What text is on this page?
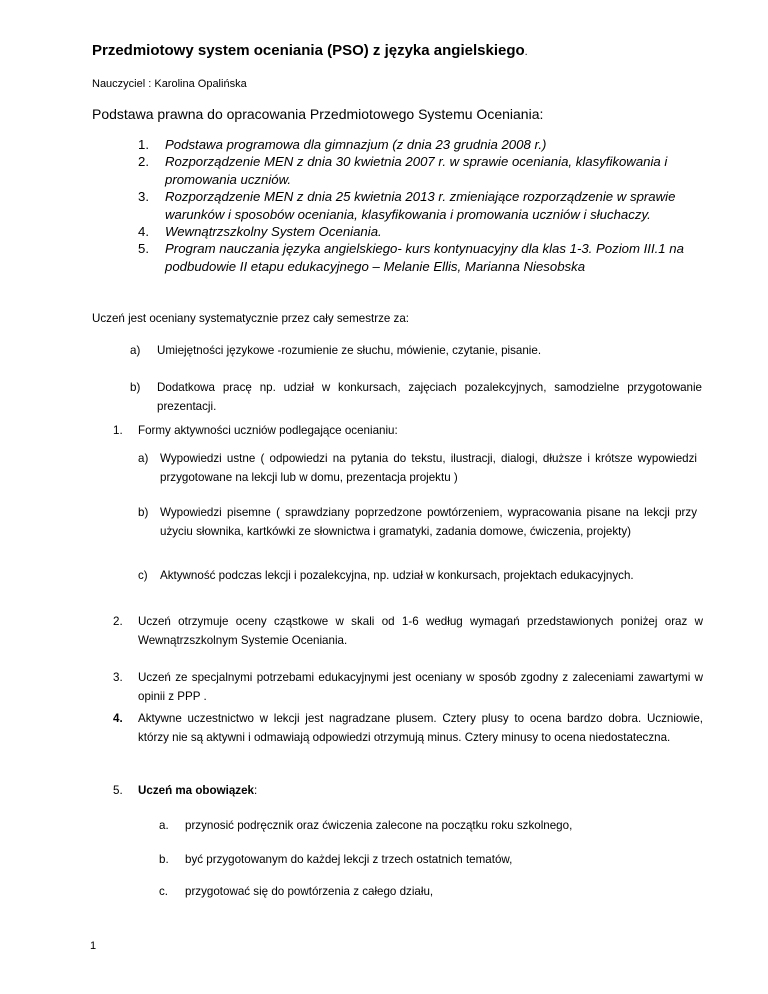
Przedmiotowy system oceniania (PSO) z języka angielskiego.
Nauczyciel : Karolina Opalińska
Podstawa prawna do opracowania Przedmiotowego Systemu Oceniania:
1. Podstawa programowa dla gimnazjum (z dnia 23 grudnia 2008 r.)
2. Rozporządzenie MEN z dnia 30 kwietnia 2007 r. w sprawie oceniania, klasyfikowania i promowania uczniów.
3. Rozporządzenie MEN z dnia 25 kwietnia 2013 r. zmieniające rozporządzenie w sprawie warunków i sposobów oceniania, klasyfikowania i promowania uczniów i słuchaczy.
4. Wewnątrzszkolny System Oceniania.
5. Program nauczania języka angielskiego- kurs kontynuacyjny dla klas 1-3. Poziom III.1 na podbudowie II etapu edukacyjnego – Melanie Ellis, Marianna Niesobska
Uczeń jest oceniany systematycznie przez cały semestrze za:
a) Umiejętności językowe -rozumienie ze słuchu, mówienie, czytanie, pisanie.
b) Dodatkowa pracę np. udział w konkursach, zajęciach pozalekcyjnych, samodzielne przygotowanie prezentacji.
1. Formy aktywności uczniów podlegające ocenianiu:
a) Wypowiedzi ustne ( odpowiedzi na pytania do tekstu, ilustracji, dialogi, dłuższe i krótsze wypowiedzi przygotowane na lekcji lub w domu, prezentacja projektu )
b) Wypowiedzi pisemne ( sprawdziany poprzedzone powtórzeniem, wypracowania pisane na lekcji przy użyciu słownika, kartkówki ze słownictwa i gramatyki, zadania domowe, ćwiczenia, projekty)
c) Aktywność podczas lekcji i pozalekcyjna, np. udział w konkursach, projektach edukacyjnych.
2. Uczeń otrzymuje oceny cząstkowe w skali od 1-6 według wymagań przedstawionych poniżej oraz w Wewnątrzszkolnym Systemie Oceniania.
3. Uczeń ze specjalnymi potrzebami edukacyjnymi jest oceniany w sposób zgodny z zaleceniami zawartymi w opinii z PPP .
4. Aktywne uczestnictwo w lekcji jest nagradzane plusem. Cztery plusy to ocena bardzo dobra. Uczniowie, którzy nie są aktywni i odmawiają odpowiedzi otrzymują minus. Cztery minusy to ocena niedostateczna.
5. Uczeń ma obowiązek:
a. przynosić podręcznik oraz ćwiczenia zalecone na początku roku szkolnego,
b. być przygotowanym do każdej lekcji z trzech ostatnich tematów,
c. przygotować się do powtórzenia z całego działu,
1
